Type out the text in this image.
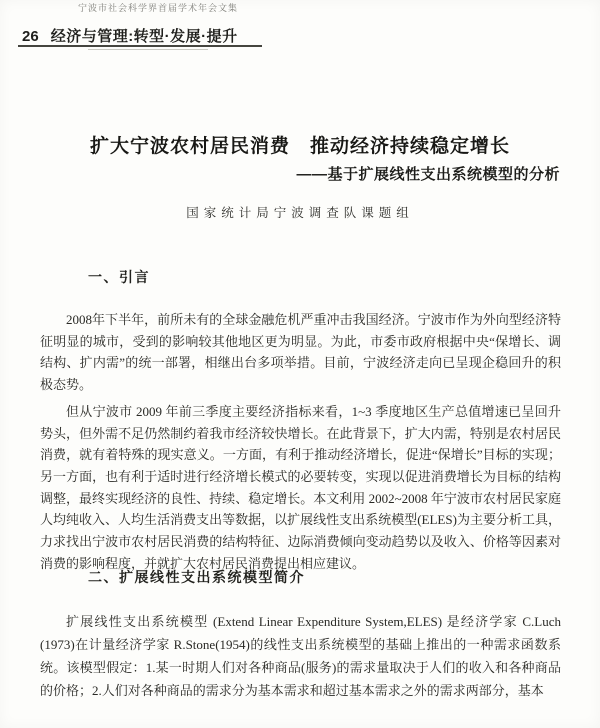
宁波市社会科学界首届学术年会文集
26 经济与管理:转型·发展·提升
扩大宁波农村居民消费　推动经济持续稳定增长
——基于扩展线性支出系统模型的分析
国家统计局宁波调查队课题组
一、引言

2008年下半年，前所未有的全球金融危机严重冲击我国经济。宁波市作为外向型经济特征明显的城市，受到的影响较其他地区更为明显。为此，市委市政府根据中央“保增长、调结构、扩内需”的统一部署，相继出台多项举措。目前，宁波经济走向已呈现企稳回升的积极态势。

但从宁波市 2009 年前三季度主要经济指标来看，1~3 季度地区生产总值增速已呈回升势头，但外需不足仍然制约着我市经济较快增长。在此背景下，扩大内需，特别是农村居民消费，就有着特殊的现实意义。一方面，有利于推动经济增长，促进“保增长”目标的实现；另一方面，也有利于适时进行经济增长模式的必要转变，实现以促进消费增长为目标的结构调整，最终实现经济的良性、持续、稳定增长。本文利用 2002~2008 年宁波市农村居民家庭人均纯收入、人均生活消费支出等数据，以扩展线性支出系统模型(ELES)为主要分析工具，力求找出宁波市农村居民消费的结构特征、边际消费倾向变动趋势以及收入、价格等因素对消费的影响程度，并就扩大农村居民消费提出相应建议。

二、扩展线性支出系统模型简介

扩展线性支出系统模型 (Extend Linear Expenditure System,ELES) 是经济学家 C.Luch (1973)在计量经济学家 R.Stone(1954)的线性支出系统模型的基础上推出的一种需求函数系统。该模型假定：1.某一时期人们对各种商品(服务)的需求量取决于人们的收入和各种商品的价格；2.人们对各种商品的需求分为基本需求和超过基本需求之外的需求两部分，基本
